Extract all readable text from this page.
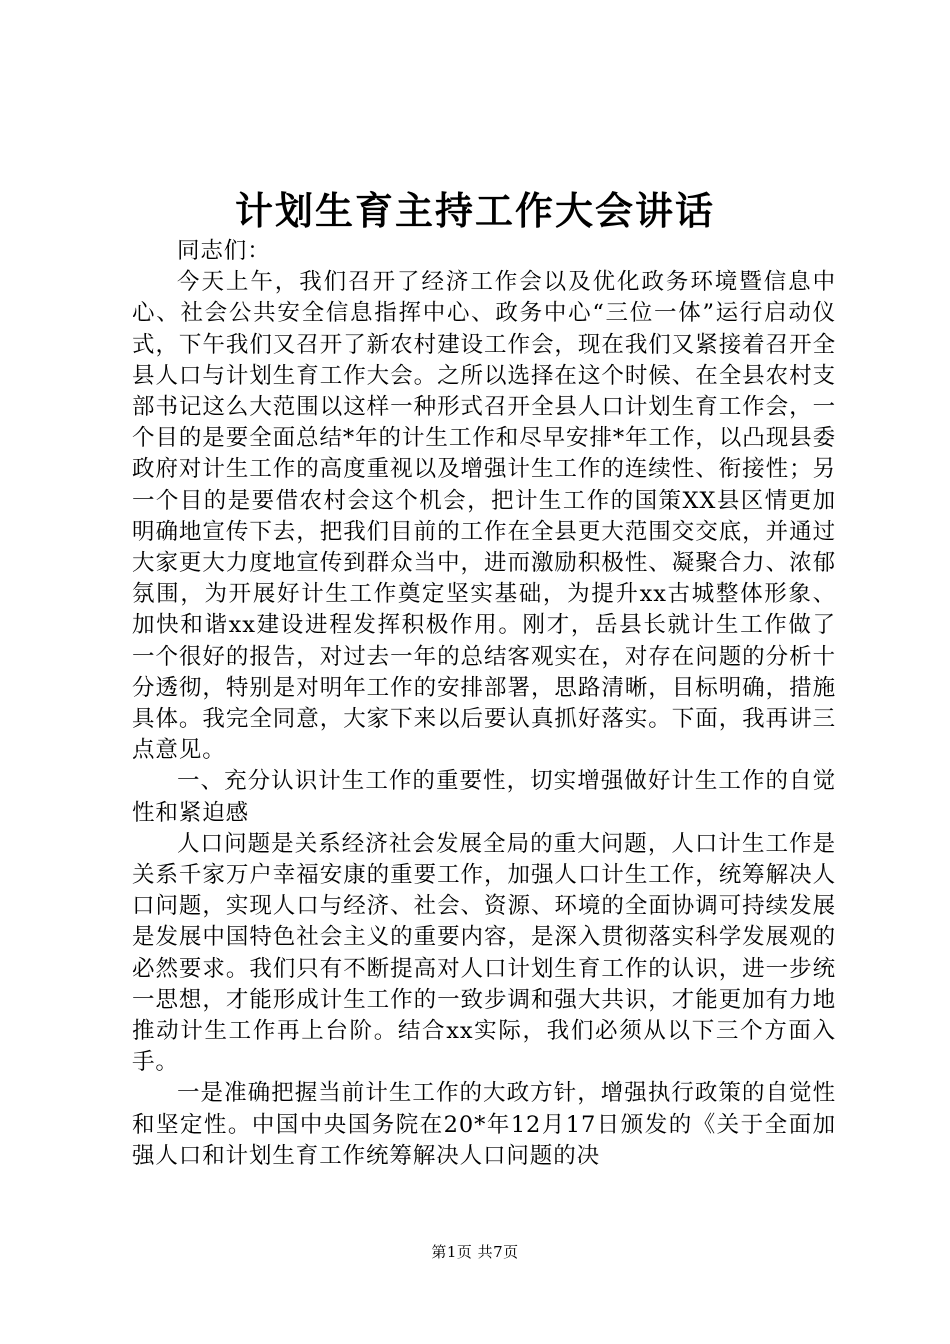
计划生育主持工作大会讲话

同志们：

今天上午，我们召开了经济工作会以及优化政务环境暨信息中心、社会公共安全信息指挥中心、政务中心“三位一体”运行启动仪式，下午我们又召开了新农村建设工作会，现在我们又紧接着召开全县人口与计划生育工作大会。之所以选择在这个时候、在全县农村支部书记这么大范围以这样一种形式召开全县人口计划生育工作会，一个目的是要全面总结*年的计生工作和尽早安排*年工作，以凸现县委政府对计生工作的高度重视以及增强计生工作的连续性、衔接性；另一个目的是要借农村会这个机会，把计生工作的国策XX县区情更加明确地宣传下去，把我们目前的工作在全县更大范围交交底，并通过大家更大力度地宣传到群众当中，进而激励积极性、凝聚合力、浓郁氛围，为开展好计生工作奠定坚实基础，为提升xx古城整体形象、加快和谐xx建设进程发挥积极作用。刚才，岳县长就计生工作做了一个很好的报告，对过去一年的总结客观实在，对存在问题的分析十分透彻，特别是对明年工作的安排部署，思路清晰，目标明确，措施具体。我完全同意，大家下来以后要认真抓好落实。下面，我再讲三点意见。

一、充分认识计生工作的重要性，切实增强做好计生工作的自觉性和紧迫感

人口问题是关系经济社会发展全局的重大问题，人口计生工作是关系千家万户幸福安康的重要工作，加强人口计生工作，统筹解决人口问题，实现人口与经济、社会、资源、环境的全面协调可持续发展是发展中国特色社会主义的重要内容，是深入贯彻落实科学发展观的必然要求。我们只有不断提高对人口计划生育工作的认识，进一步统一思想，才能形成计生工作的一致步调和强大共识，才能更加有力地推动计生工作再上台阶。结合xx实际，我们必须从以下三个方面入手。

一是准确把握当前计生工作的大政方针，增强执行政策的自觉性和坚定性。中国中央国务院在20*年12月17日颁发的《关于全面加强人口和计划生育工作统筹解决人口问题的决

第1页 共7页
